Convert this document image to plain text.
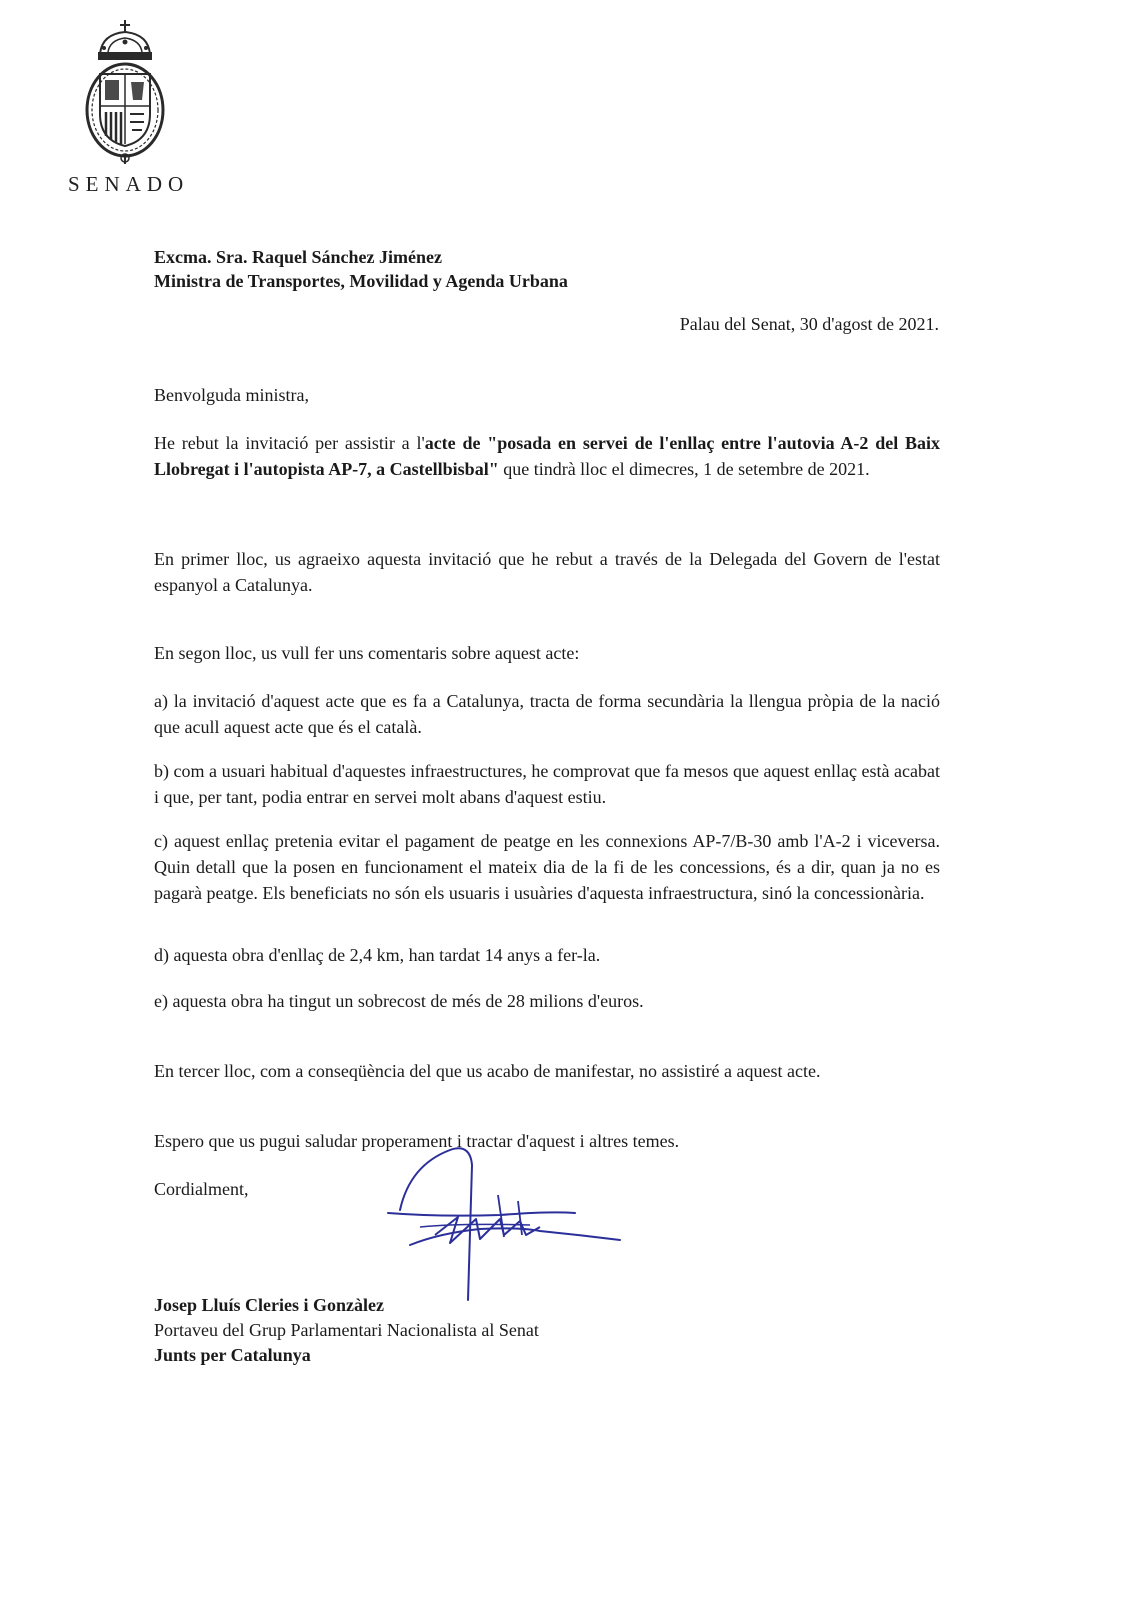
SENADO
Excma. Sra. Raquel Sánchez Jiménez
Ministra de Transportes, Movilidad y Agenda Urbana
Palau del Senat, 30 d'agost de 2021.

Benvolguda ministra,

He rebut la invitació per assistir a l'acte de "posada en servei de l'enllaç entre l'autovia A-2 del Baix Llobregat i l'autopista AP-7, a Castellbisbal" que tindrà lloc el dimecres, 1 de setembre de 2021.

En primer lloc, us agraeixo aquesta invitació que he rebut a través de la Delegada del Govern de l'estat espanyol a Catalunya.

En segon lloc, us vull fer uns comentaris sobre aquest acte:

a) la invitació d'aquest acte que es fa a Catalunya, tracta de forma secundària la llengua pròpia de la nació que acull aquest acte que és el català.

b) com a usuari habitual d'aquestes infraestructures, he comprovat que fa mesos que aquest enllaç està acabat i que, per tant, podia entrar en servei molt abans d'aquest estiu.

c) aquest enllaç pretenia evitar el pagament de peatge en les connexions AP-7/B-30 amb l'A-2 i viceversa. Quin detall que la posen en funcionament el mateix dia de la fi de les concessions, és a dir, quan ja no es pagarà peatge. Els beneficiats no són els usuaris i usuàries d'aquesta infraestructura, sinó la concessionària.

d) aquesta obra d'enllaç de 2,4 km, han tardat 14 anys a fer-la.

e) aquesta obra ha tingut un sobrecost de més de 28 milions d'euros.

En tercer lloc, com a conseqüència del que us acabo de manifestar, no assistiré a aquest acte.

Espero que us pugui saludar properament i tractar d'aquest i altres temes.

Cordialment,

Josep Lluís Cleries i Gonzàlez
Portaveu del Grup Parlamentari Nacionalista al Senat
Junts per Catalunya
